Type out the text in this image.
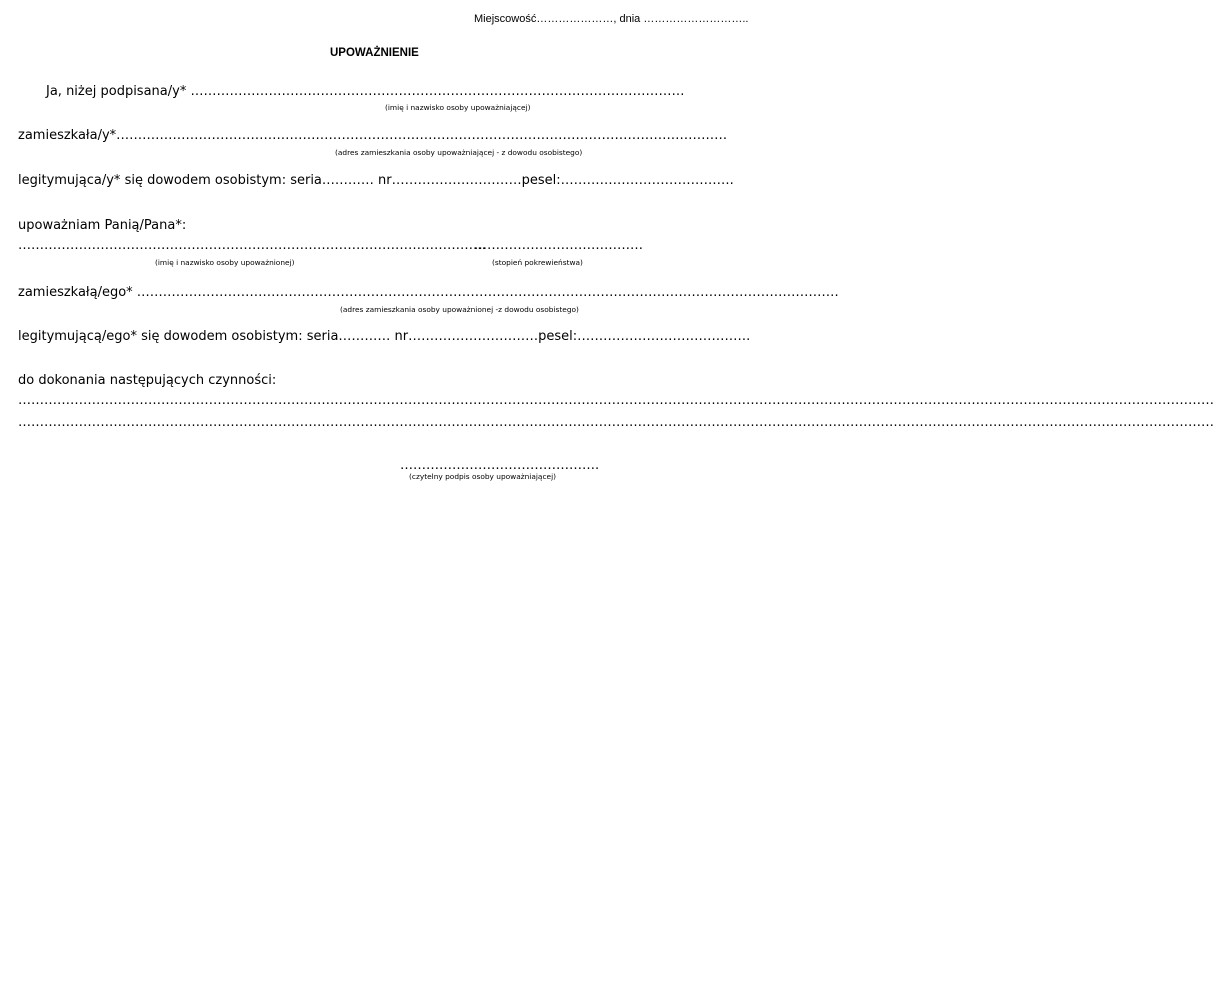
Miejscowość…………………, dnia ………………………..
UPOWAŻNIENIE
Ja, niżej podpisana/y* ……………………………………………………………………………………………………
(imię i nazwisko osoby upoważniającej)
zamieszkała/y*……………………………………………………………………………………………………………………………
(adres zamieszkania osoby upoważniającej - z dowodu osobistego)
legitymująca/y* się dowodem osobistym: seria………… nr…………………………pesel:………………………………….
upoważniam Panią/Pana*:
………………………………………………………………………………………………
…………………………………
(imię i nazwisko osoby upoważnionej)	(stopień pokrewieństwa)
zamieszkałą/ego* ………………………………………………………………………………………………………………………………………………
(adres zamieszkania osoby upoważnionej -z dowodu osobistego)
legitymującą/ego* się dowodem osobistym: seria………… nr…………………………pesel:………………………………….
do dokonania następujących czynności:
……………………………………………………………………………………………………………………………………………………………………………………………………………………………………………………
……………………………………………………………………………………………………………………………………………………………………………………………………………………………………………………
……………………………………….
(czytelny podpis osoby upoważniającej)
